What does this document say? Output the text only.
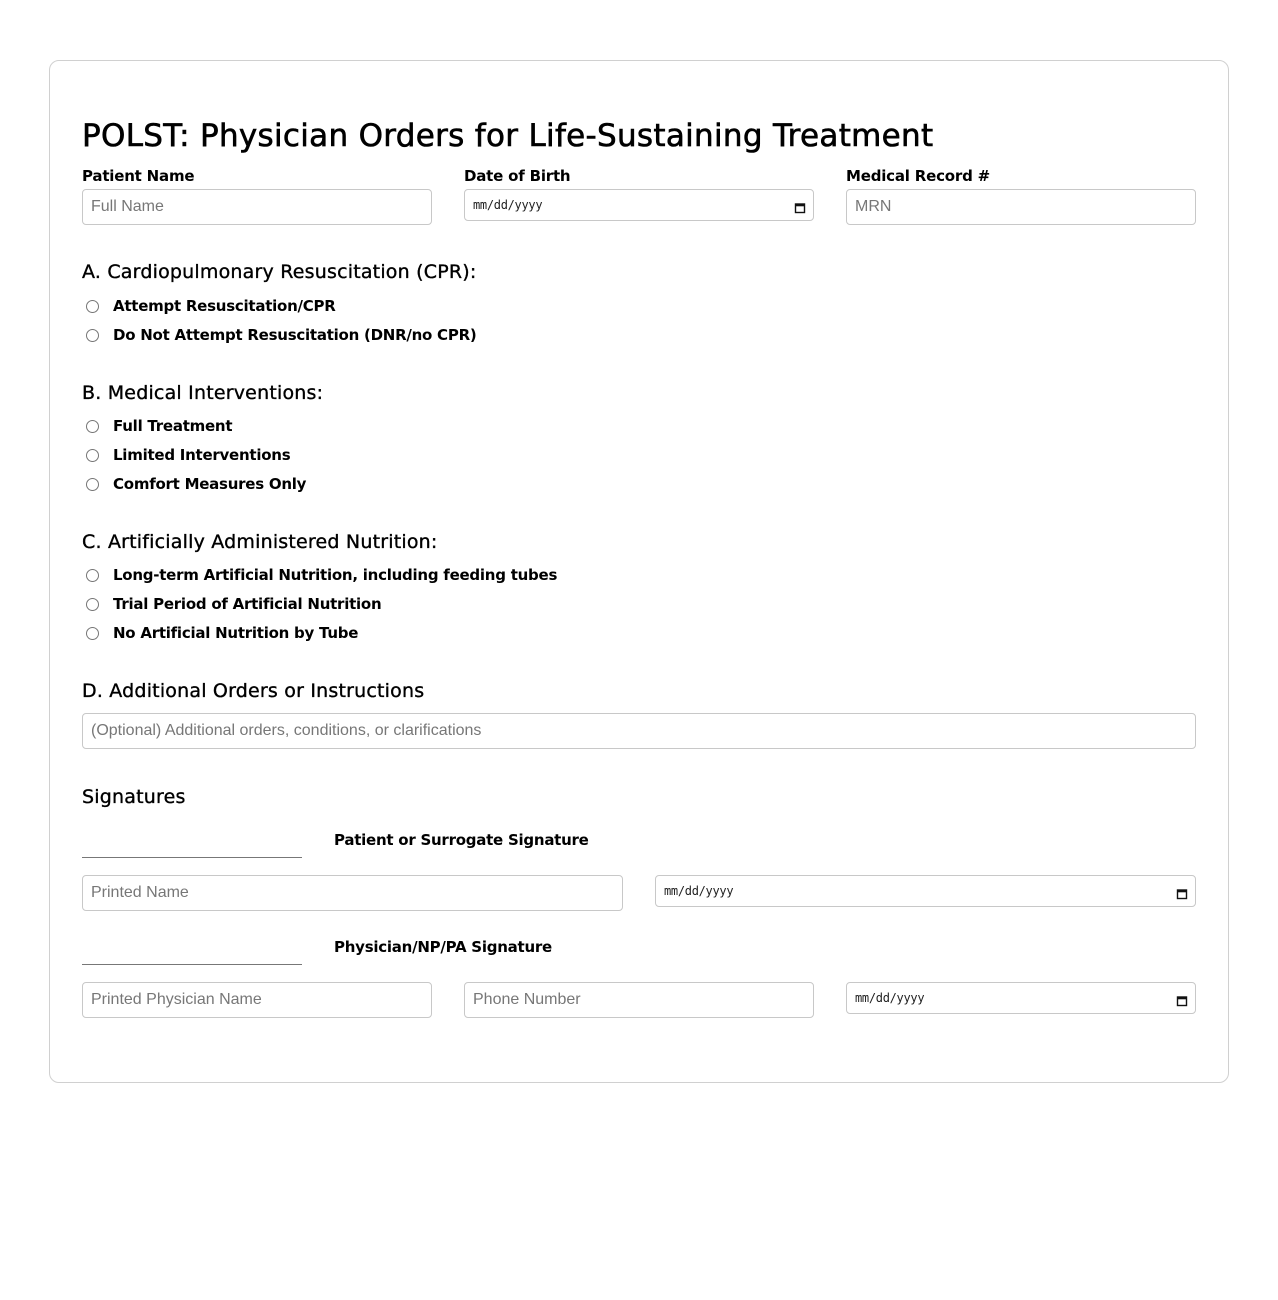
POLST: Physician Orders for Life-Sustaining Treatment
Patient Name
Full Name	Date of Birth
mm/dd/yyyy
Medical Record #
MRN
A. Cardiopulmonary Resuscitation (CPR):
Attempt Resuscitation/CPR
Do Not Attempt Resuscitation (DNR/no CPR)
B. Medical Interventions:
Full Treatment
Limited Interventions
Comfort Measures Only
C. Artificially Administered Nutrition:
Long-term Artificial Nutrition, including feeding tubes
Trial Period of Artificial Nutrition
No Artificial Nutrition by Tube
D. Additional Orders or Instructions
(Optional) Additional orders, conditions, or clarifications
Signatures
Patient or Surrogate Signature
Printed Name
mm/dd/yyyy
Physician/NP/PA Signature
Printed Physician Name
Phone Number
mm/dd/yyyy
